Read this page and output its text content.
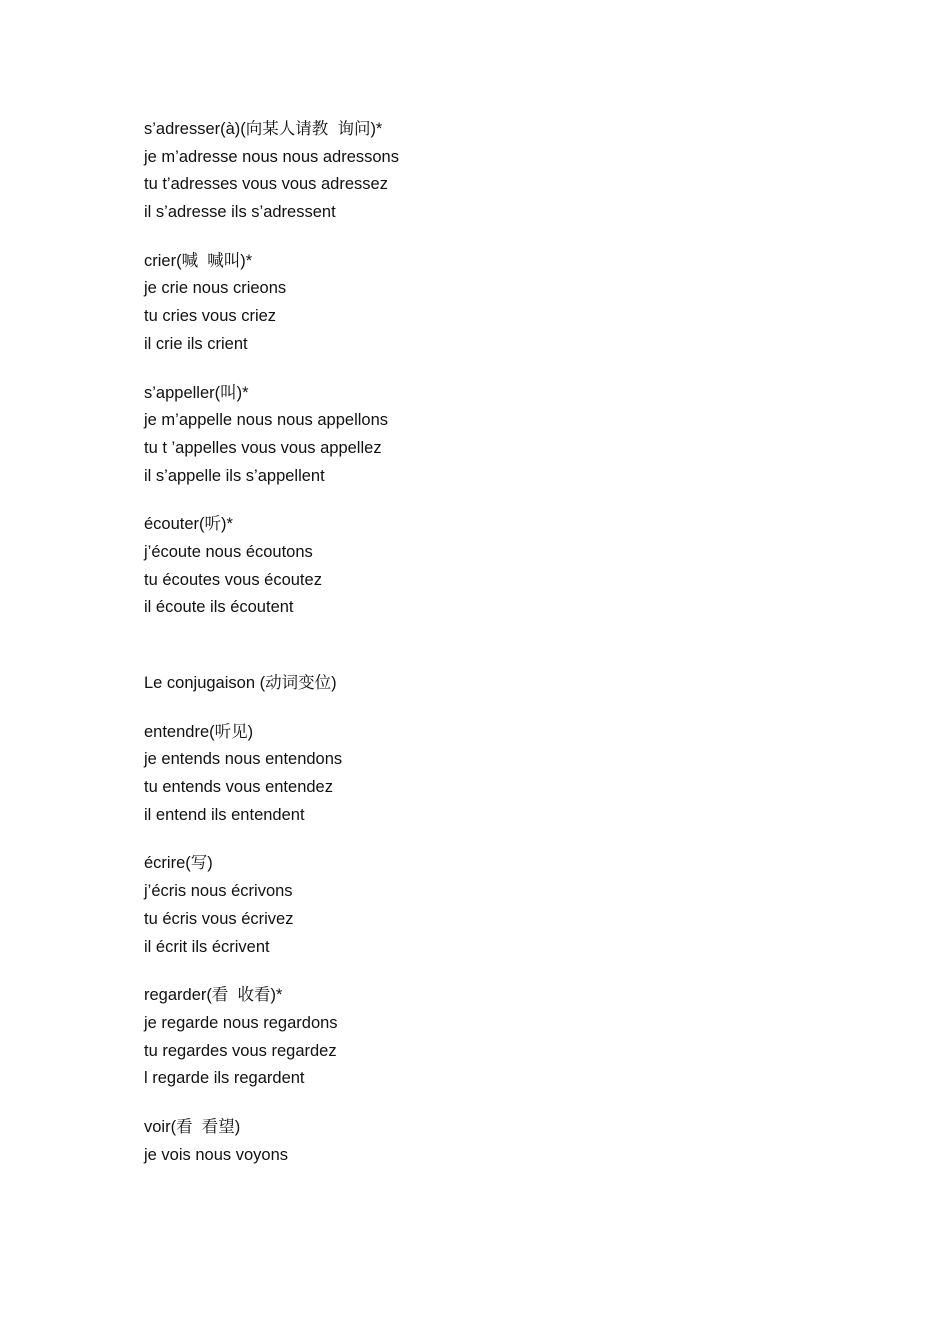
s’adresser(à)(向某人请教  询问)*
je m’adresse nous nous adressons
tu t’adresses vous vous adressez
il s’adresse ils s’adressent
crier(喊  喊叫)*
je crie nous crieons
tu cries vous criez
il crie ils crient
s’appeller(叫)*
je m’appelle nous nous appellons
tu t ’appelles vous vous appellez
il s’appelle ils s’appellent
écouter(听)*
j’écoute nous écoutons
tu écoutes vous écoutez
il écoute ils écoutent
Le conjugaison (动词变位)
entendre(听见)
je entends nous entendons
tu entends vous entendez
il entend ils entendent
écrire(写)
j’écris nous écrivons
tu écris vous écrivez
il écrit ils écrivent
regarder(看  收看)*
je regarde nous regardons
tu regardes vous regardez
l regarde ils regardent
voir(看  看望)
je vois nous voyons
